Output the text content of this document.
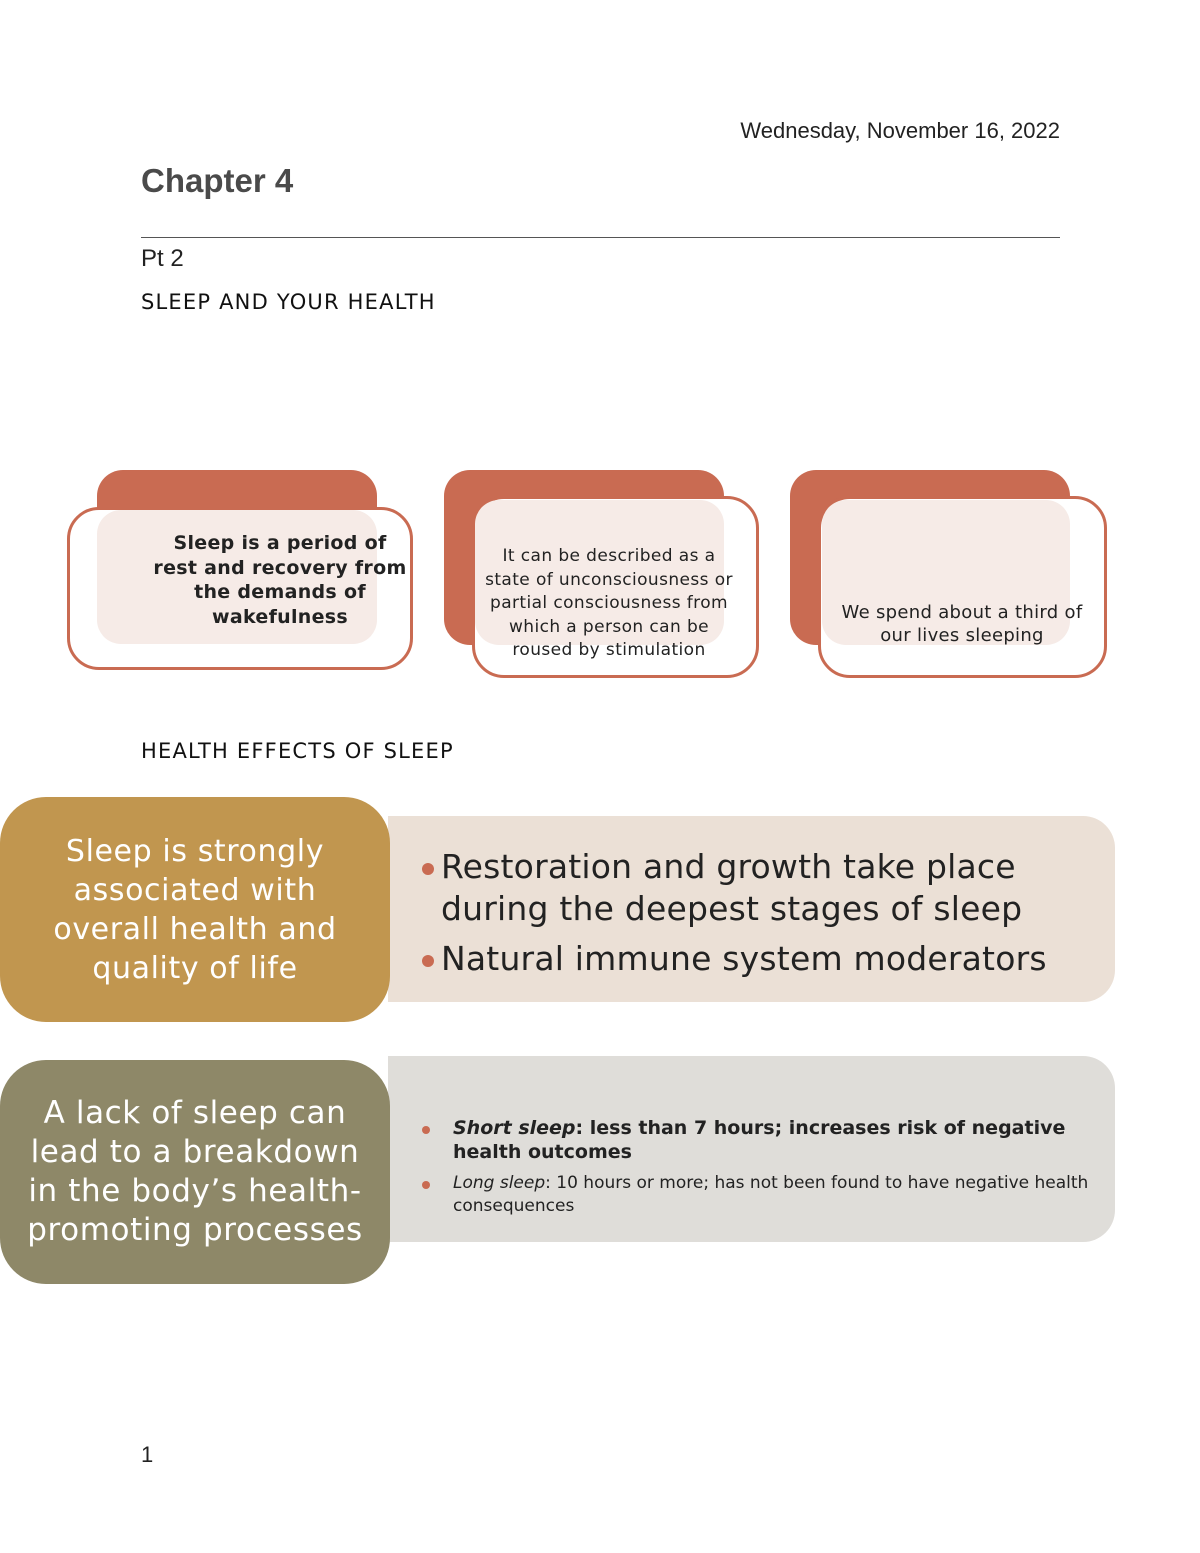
Wednesday, November 16, 2022
Chapter 4
Pt 2
SLEEP AND YOUR HEALTH
Sleep is a period of rest and recovery from the demands of wakefulness
It can be described as a state of unconsciousness or partial consciousness from which a person can be roused by stimulation
We spend about a third of our lives sleeping
HEALTH EFFECTS OF SLEEP
Sleep is strongly associated with overall health and quality of life
Restoration and growth take place during the deepest stages of sleep
Natural immune system moderators
A lack of sleep can lead to a breakdown in the body’s health-promoting processes
Short sleep: less than 7 hours; increases risk of negative health outcomes
Long sleep: 10 hours or more; has not been found to have negative health consequences
1
